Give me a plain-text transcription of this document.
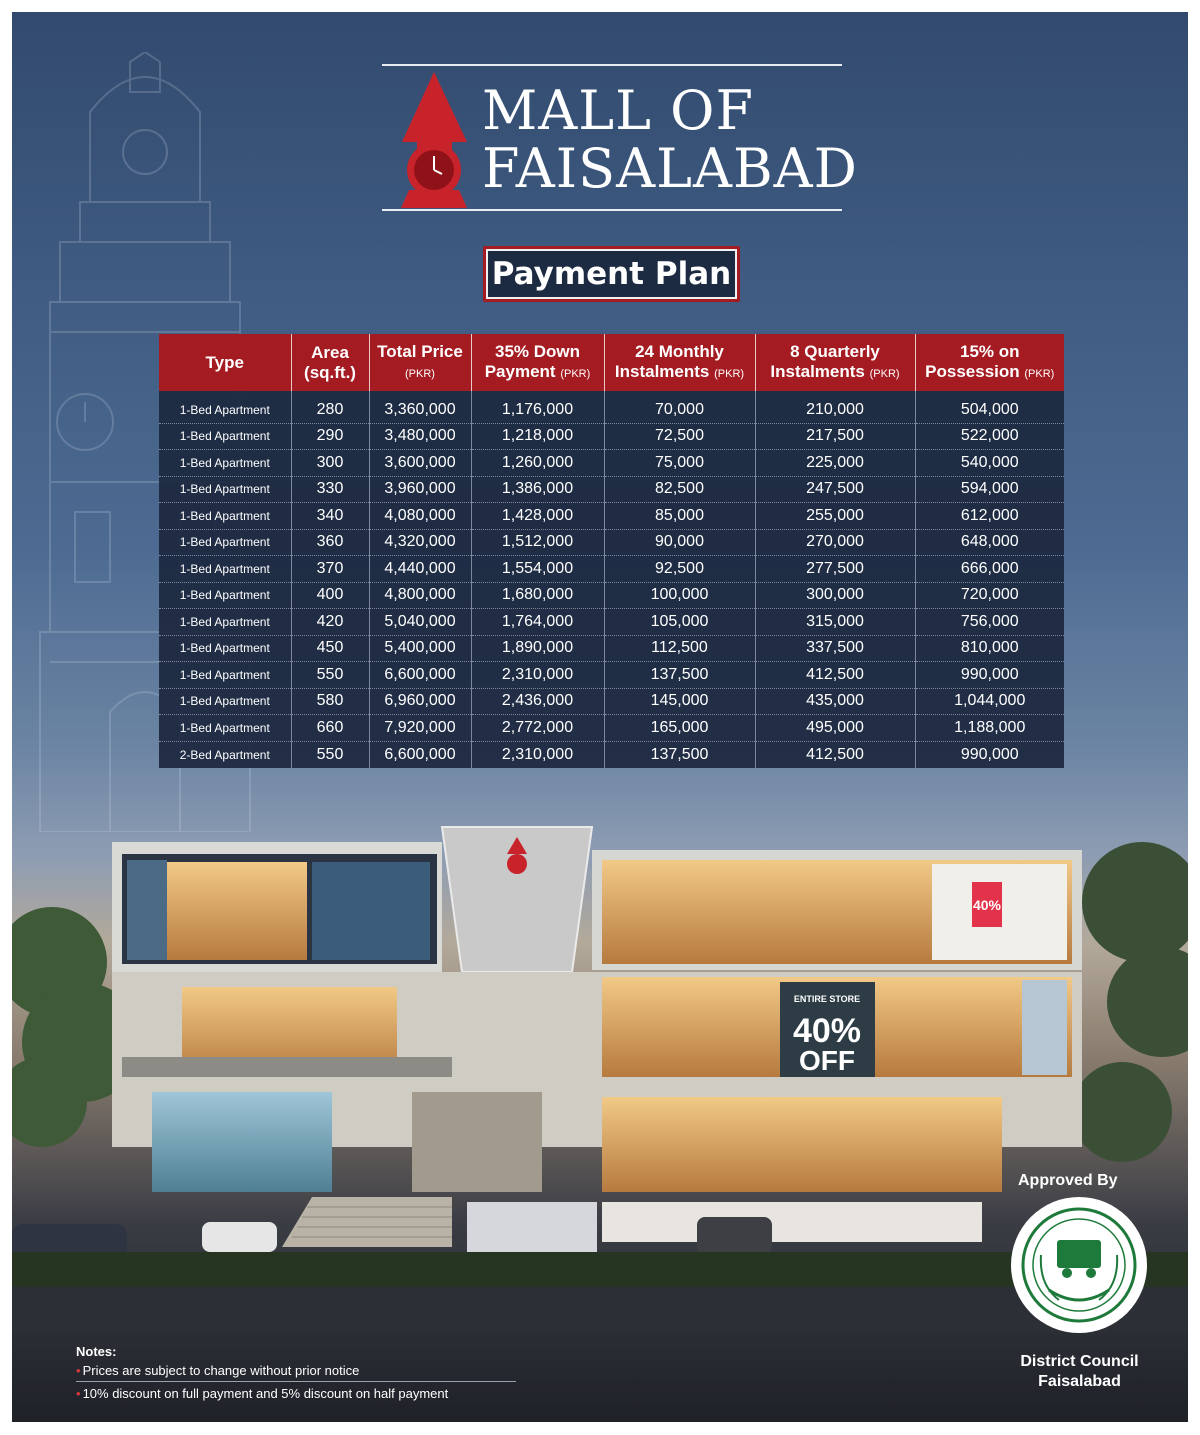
MALL OF
FAISALABAD
Payment Plan
Type	Area (sq.ft.)	Total Price (PKR)	35% Down Payment (PKR)	24 Monthly Instalments (PKR)	8 Quarterly Instalments (PKR)	15% on Possession (PKR)
1-Bed Apartment	280	3,360,000	1,176,000	70,000	210,000	504,000
1-Bed Apartment	290	3,480,000	1,218,000	72,500	217,500	522,000
1-Bed Apartment	300	3,600,000	1,260,000	75,000	225,000	540,000
1-Bed Apartment	330	3,960,000	1,386,000	82,500	247,500	594,000
1-Bed Apartment	340	4,080,000	1,428,000	85,000	255,000	612,000
1-Bed Apartment	360	4,320,000	1,512,000	90,000	270,000	648,000
1-Bed Apartment	370	4,440,000	1,554,000	92,500	277,500	666,000
1-Bed Apartment	400	4,800,000	1,680,000	100,000	300,000	720,000
1-Bed Apartment	420	5,040,000	1,764,000	105,000	315,000	756,000
1-Bed Apartment	450	5,400,000	1,890,000	112,500	337,500	810,000
1-Bed Apartment	550	6,600,000	2,310,000	137,500	412,500	990,000
1-Bed Apartment	580	6,960,000	2,436,000	145,000	435,000	1,044,000
1-Bed Apartment	660	7,920,000	2,772,000	165,000	495,000	1,188,000
2-Bed Apartment	550	6,600,000	2,310,000	137,500	412,500	990,000
ENTIRE STORE
40%
OFF
40%
Approved By
District Council
Faisalabad
Notes:
• Prices are subject to change without prior notice
• 10% discount on full payment and 5% discount on half payment
